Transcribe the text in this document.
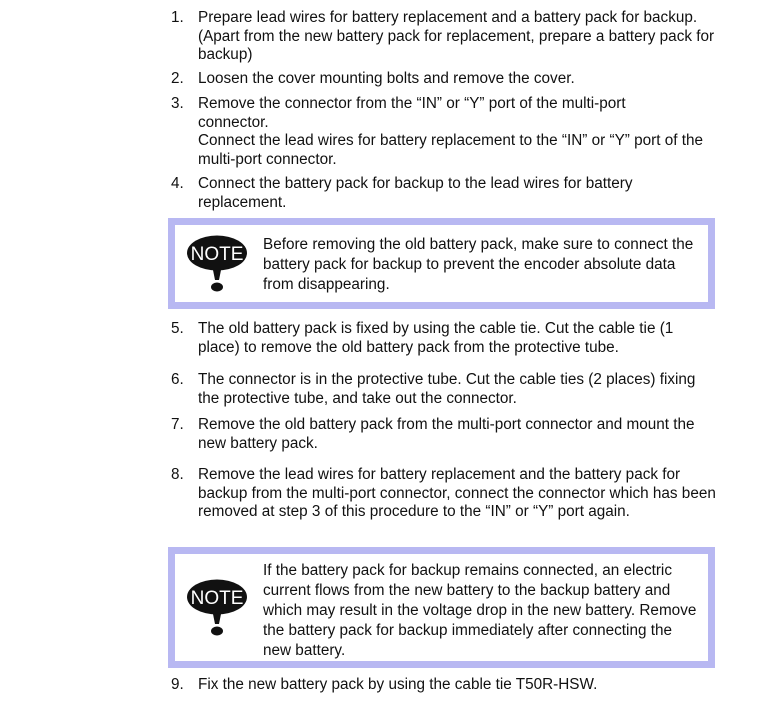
1. Prepare lead wires for battery replacement and a battery pack for backup. (Apart from the new battery pack for replacement, prepare a battery pack for backup)
2. Loosen the cover mounting bolts and remove the cover.
3. Remove the connector from the “IN” or “Y” port of the multi-port connector.
Connect the lead wires for battery replacement to the “IN” or “Y” port of the multi-port connector.
4. Connect the battery pack for backup to the lead wires for battery replacement.
NOTE Before removing the old battery pack, make sure to connect the battery pack for backup to prevent the encoder absolute data from disappearing.
5. The old battery pack is fixed by using the cable tie. Cut the cable tie (1 place) to remove the old battery pack from the protective tube.
6. The connector is in the protective tube. Cut the cable ties (2 places) fixing the protective tube, and take out the connector.
7. Remove the old battery pack from the multi-port connector and mount the new battery pack.
8. Remove the lead wires for battery replacement and the battery pack for backup from the multi-port connector, connect the connector which has been removed at step 3 of this procedure to the “IN” or “Y” port again.
NOTE
If the battery pack for backup remains connected, an electric current flows from the new battery to the backup battery and which may result in the voltage drop in the new battery. Remove the battery pack for backup immediately after connecting the new battery.
9. Fix the new battery pack by using the cable tie T50R-HSW.
